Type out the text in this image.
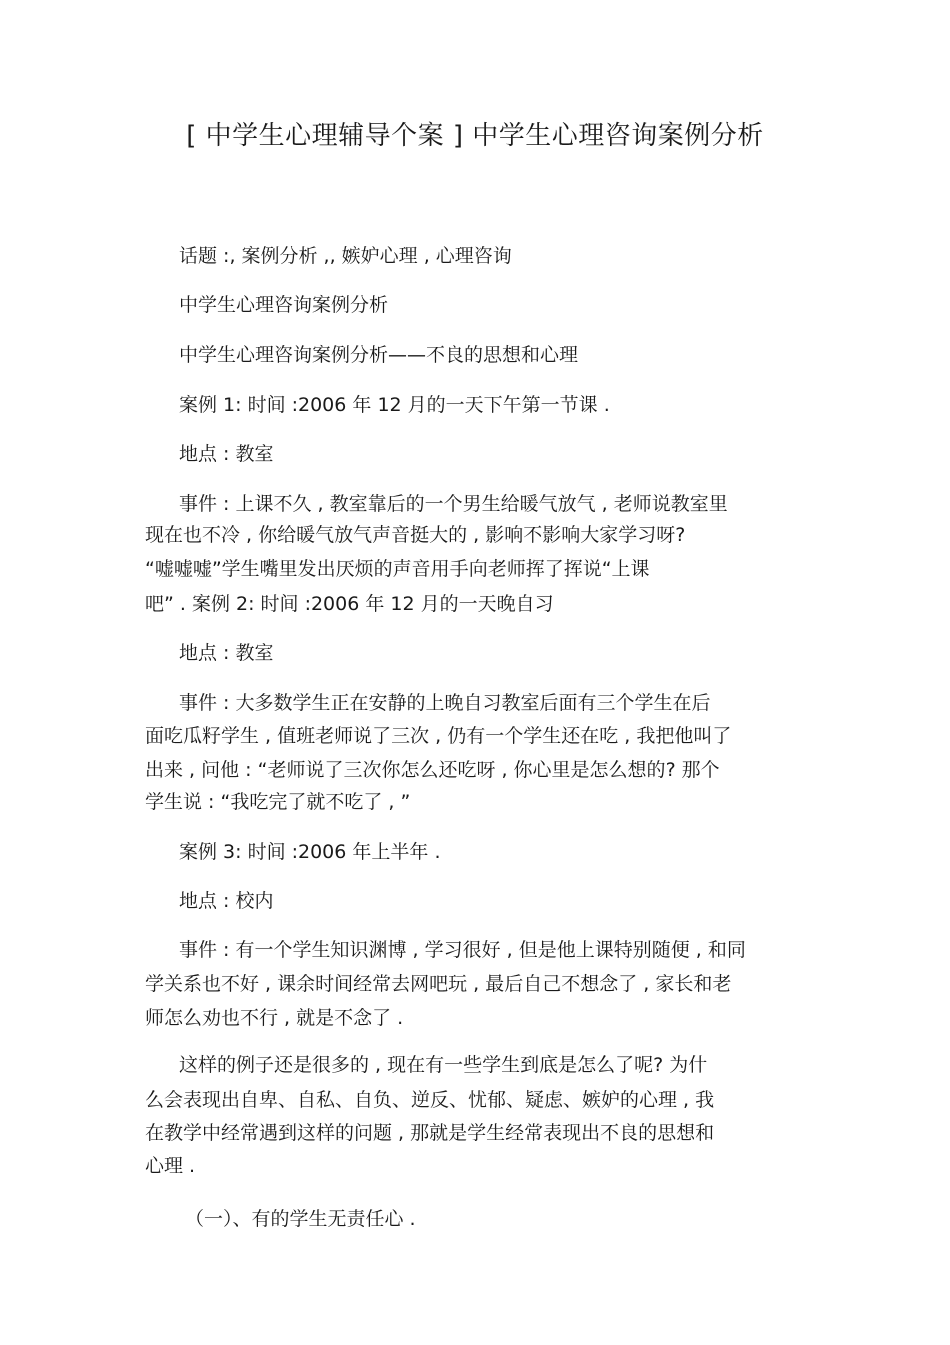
[ 中学生心理辅导个案 ] 中学生心理咨询案例分析
话题 :, 案例分析 ,, 嫉妒心理 , 心理咨询
中学生心理咨询案例分析
中学生心理咨询案例分析——不良的思想和心理
案例 1: 时间 :2006 年 12 月的一天下午第一节课 .
地点 : 教室
事件 : 上课不久 , 教室靠后的一个男生给暖气放气 , 老师说教室里
现在也不冷 , 你给暖气放气声音挺大的 , 影响不影响大家学习呀?
“嘘嘘嘘”学生嘴里发出厌烦的声音用手向老师挥了挥说“上课
吧” . 案例 2: 时间 :2006 年 12 月的一天晚自习
地点 : 教室
事件 : 大多数学生正在安静的上晚自习教室后面有三个学生在后
面吃瓜籽学生 , 值班老师说了三次 , 仍有一个学生还在吃 , 我把他叫了
出来 , 问他 : “老师说了三次你怎么还吃呀 , 你心里是怎么想的? 那个
学生说 : “我吃完了就不吃了 , ”
案例 3: 时间 :2006 年上半年 .
地点 : 校内
事件 : 有一个学生知识渊博 , 学习很好 , 但是他上课特别随便 , 和同
学关系也不好 , 课余时间经常去网吧玩 , 最后自己不想念了 , 家长和老
师怎么劝也不行 , 就是不念了 .
这样的例子还是很多的 , 现在有一些学生到底是怎么了呢? 为什
么会表现出自卑、自私、自负、逆反、忧郁、疑虑、嫉妒的心理 , 我
在教学中经常遇到这样的问题 , 那就是学生经常表现出不良的思想和
心理 .
（一）、有的学生无责任心 .
